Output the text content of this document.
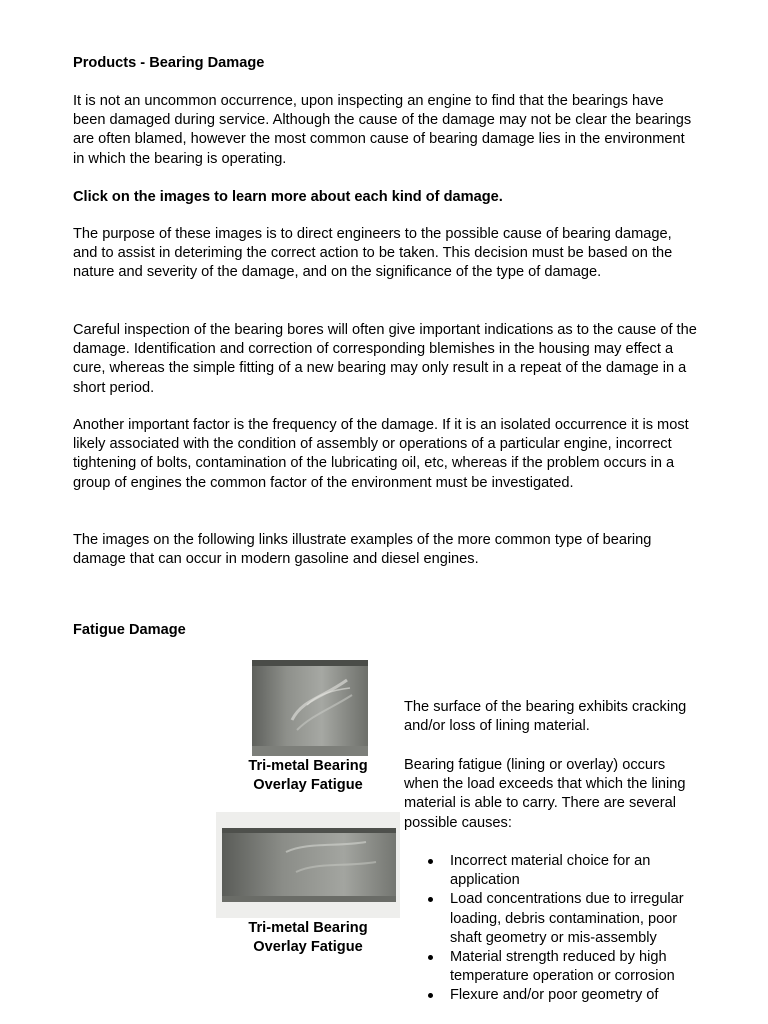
Products - Bearing Damage
It is not an uncommon occurrence, upon inspecting an engine to find that the bearings have been damaged during service. Although the cause of the damage may not be clear the bearings are often blamed, however the most common cause of bearing damage lies in the environment in which the bearing is operating.
Click on the images to learn more about each kind of damage.
The purpose of these images is to direct engineers to the possible cause of bearing damage, and to assist in deteriming the correct action to be taken. This decision must be based on the nature and severity of the damage, and on the significance of the type of damage.
Careful inspection of the bearing bores will often give important indications as to the cause of the damage. Identification and correction of corresponding blemishes in the housing may effect a cure, whereas the simple fitting of a new bearing may only result in a repeat of the damage in a short period.
Another important factor is the frequency of the damage. If it is an isolated occurrence it is most likely associated with the condition of assembly or operations of a particular engine, incorrect tightening of bolts, contamination of the lubricating oil, etc, whereas if the problem occurs in a group of engines the common factor of the environment must be investigated.
The images on the following links illustrate examples of the more common type of bearing damage that can occur in modern gasoline and diesel engines.
Fatigue Damage
Tri-metal Bearing
Overlay Fatigue
Tri-metal Bearing
Overlay Fatigue
The surface of the bearing exhibits cracking and/or loss of lining material.
Bearing fatigue (lining or overlay) occurs when the load exceeds that which the lining material is able to carry. There are several possible causes:
Incorrect material choice for an application
Load concentrations due to irregular loading, debris contamination, poor shaft geometry or mis-assembly
Material strength reduced by high temperature operation or corrosion
Flexure and/or poor geometry of
